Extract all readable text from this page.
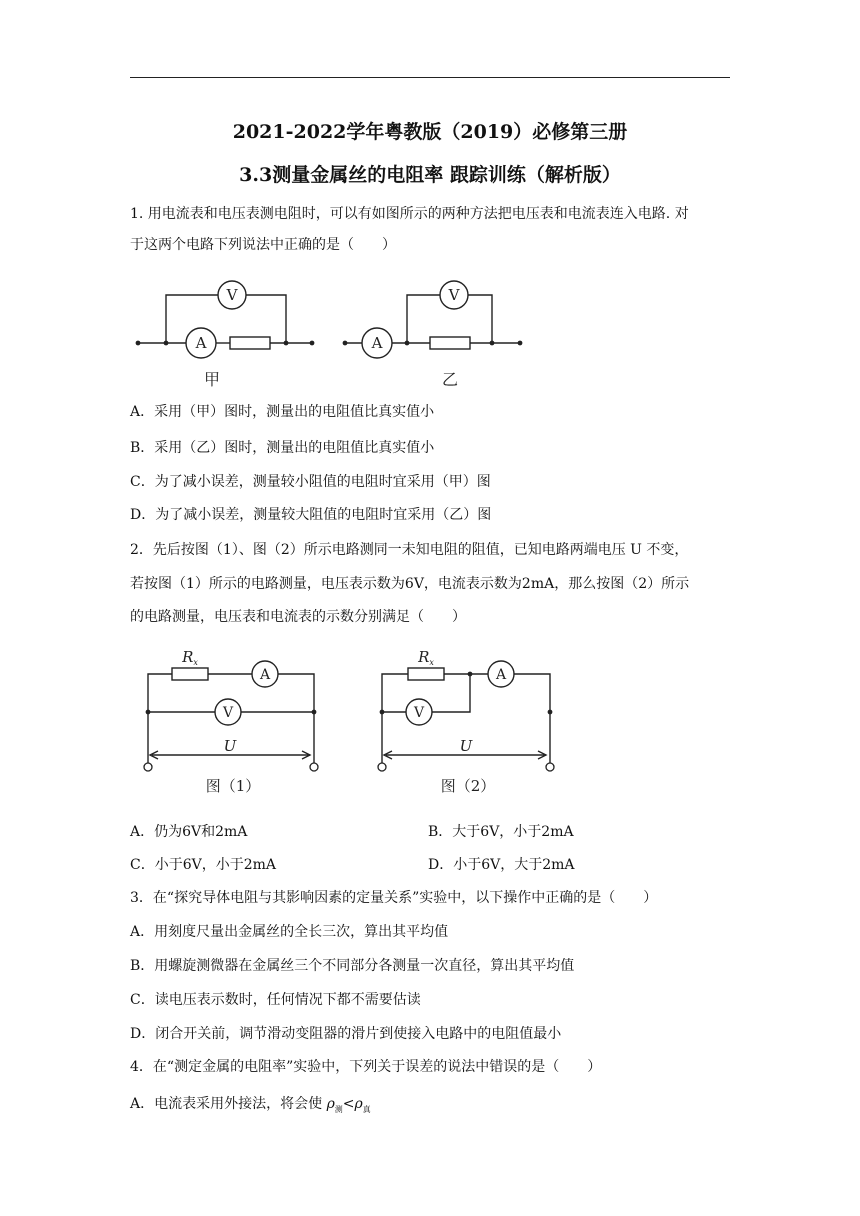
2021-2022学年粤教版（2019）必修第三册
3.3测量金属丝的电阻率 跟踪训练（解析版）
1. 用电流表和电压表测电阻时，可以有如图所示的两种方法把电压表和电流表连入电路. 对
于这两个电路下列说法中正确的是（　　）
A
V
A
V
甲	乙
A．采用（甲）图时，测量出的电阻值比真实值小
B．采用（乙）图时，测量出的电阻值比真实值小
C．为了减小误差，测量较小阻值的电阻时宜采用（甲）图
D．为了减小误差，测量较大阻值的电阻时宜采用（乙）图
2．先后按图（1）、图（2）所示电路测同一未知电阻的阻值，已知电路两端电压 U 不变，
若按图（1）所示的电路测量，电压表示数为6V，电流表示数为2mA，那么按图（2）所示
的电路测量，电压表和电流表的示数分别满足（　　）
$R_x$	$R_x$
A
V
A
V
U	U
图（1）	图（2）
A．仍为6V和2mA	B．大于6V，小于2mA
C．小于6V，小于2mA	D．小于6V，大于2mA
3．在“探究导体电阻与其影响因素的定量关系”实验中，以下操作中正确的是（　　）
A．用刻度尺量出金属丝的全长三次，算出其平均值
B．用螺旋测微器在金属丝三个不同部分各测量一次直径，算出其平均值
C．读电压表示数时，任何情况下都不需要估读
D．闭合开关前，调节滑动变阻器的滑片到使接入电路中的电阻值最小
4．在“测定金属的电阻率”实验中，下列关于误差的说法中错误的是（　　）
A．电流表采用外接法，将会使 $\rho_测<\rho_真$
